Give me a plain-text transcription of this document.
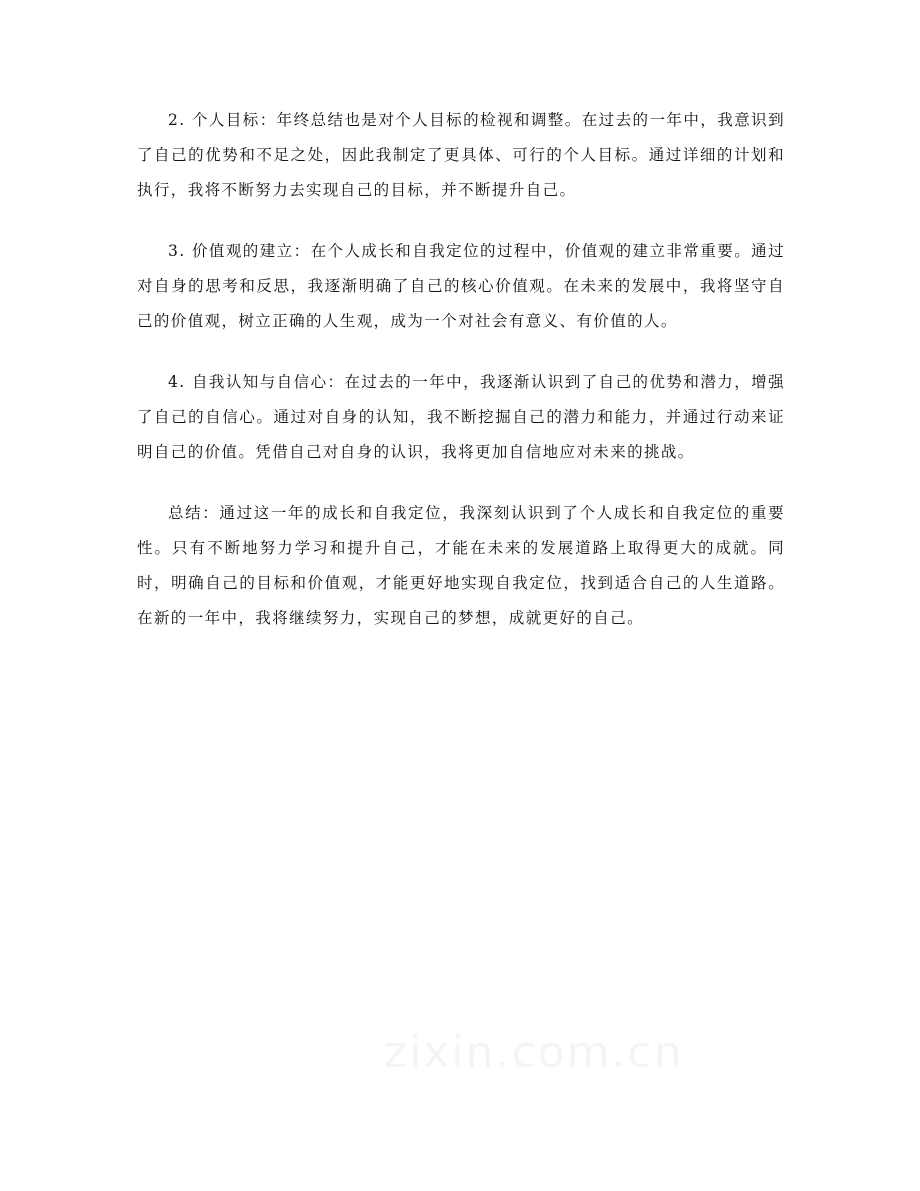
2. 个人目标：年终总结也是对个人目标的检视和调整。在过去的一年中，我意识到了自己的优势和不足之处，因此我制定了更具体、可行的个人目标。通过详细的计划和执行，我将不断努力去实现自己的目标，并不断提升自己。

3. 价值观的建立：在个人成长和自我定位的过程中，价值观的建立非常重要。通过对自身的思考和反思，我逐渐明确了自己的核心价值观。在未来的发展中，我将坚守自己的价值观，树立正确的人生观，成为一个对社会有意义、有价值的人。

4. 自我认知与自信心：在过去的一年中，我逐渐认识到了自己的优势和潜力，增强了自己的自信心。通过对自身的认知，我不断挖掘自己的潜力和能力，并通过行动来证明自己的价值。凭借自己对自身的认识，我将更加自信地应对未来的挑战。

总结：通过这一年的成长和自我定位，我深刻认识到了个人成长和自我定位的重要性。只有不断地努力学习和提升自己，才能在未来的发展道路上取得更大的成就。同时，明确自己的目标和价值观，才能更好地实现自我定位，找到适合自己的人生道路。在新的一年中，我将继续努力，实现自己的梦想，成就更好的自己。
